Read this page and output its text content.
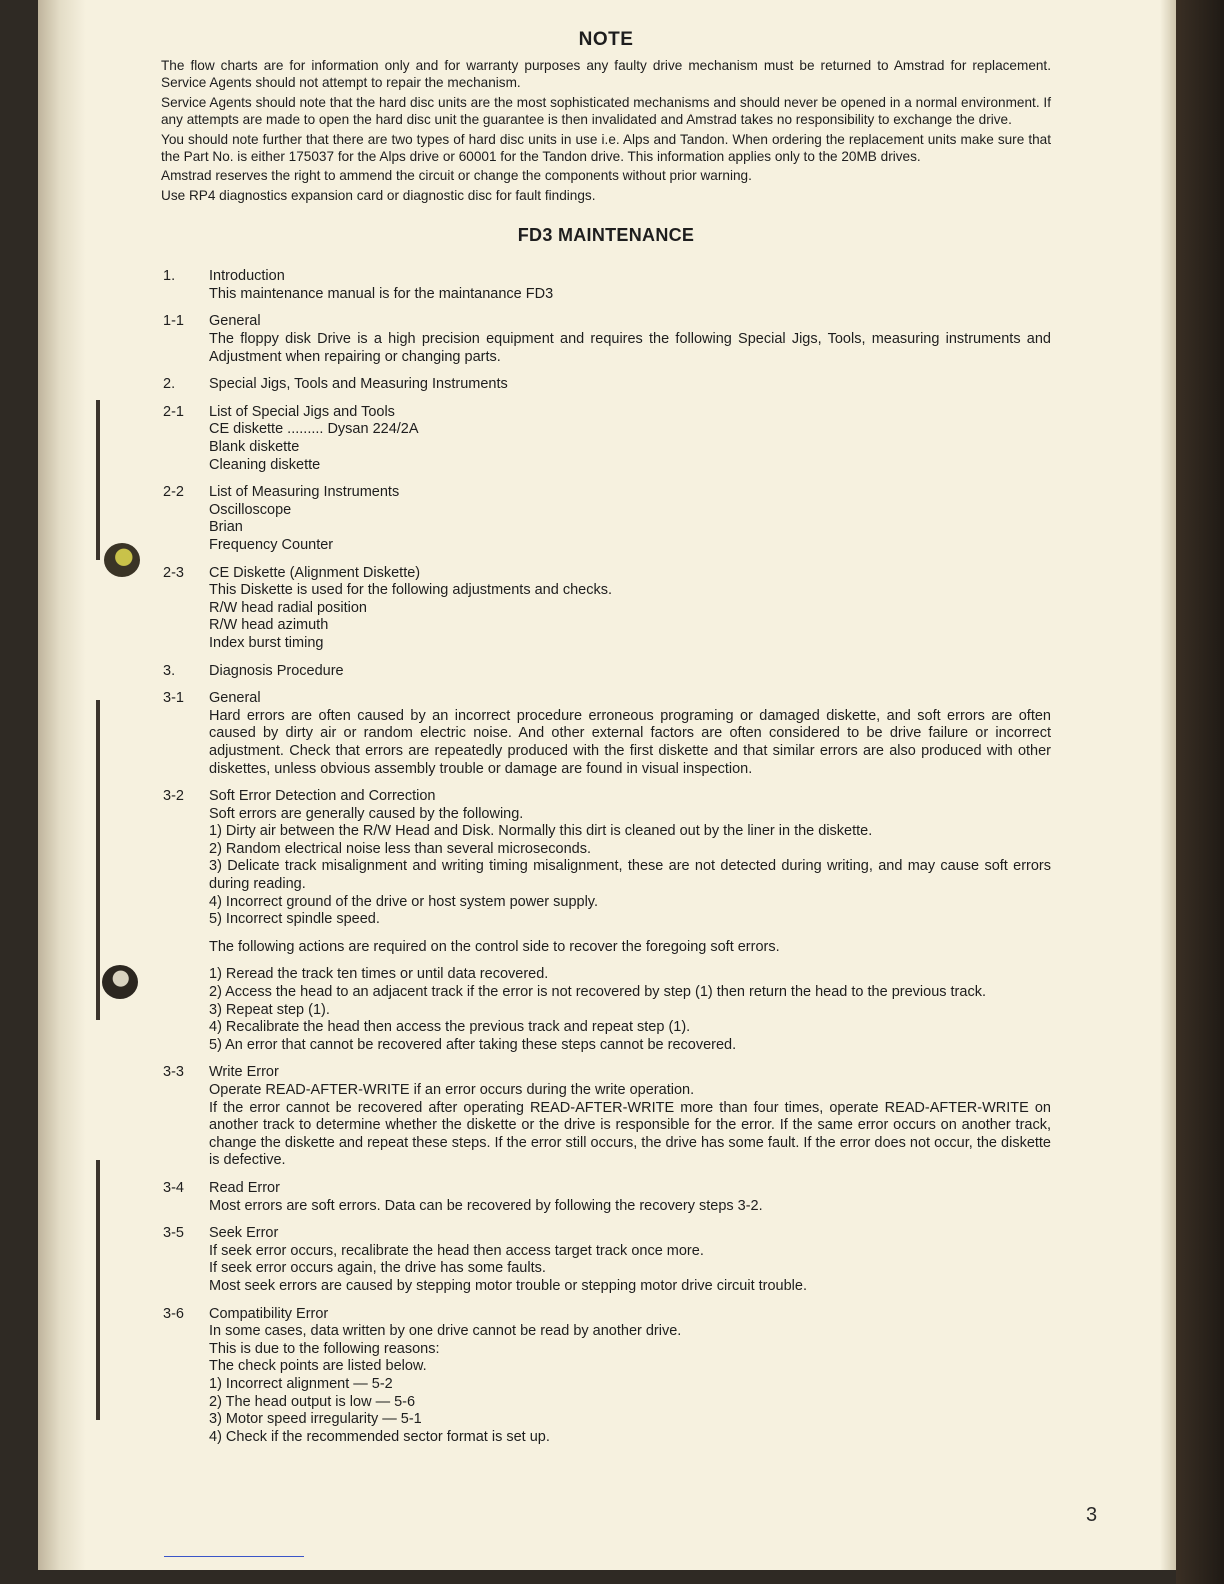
NOTE

The flow charts are for information only and for warranty purposes any faulty drive mechanism must be returned to Amstrad for replacement. Service Agents should not attempt to repair the mechanism.

Service Agents should note that the hard disc units are the most sophisticated mechanisms and should never be opened in a normal environment. If any attempts are made to open the hard disc unit the guarantee is then invalidated and Amstrad takes no responsibility to exchange the drive.

You should note further that there are two types of hard disc units in use i.e. Alps and Tandon. When ordering the replacement units make sure that the Part No. is either 175037 for the Alps drive or 60001 for the Tandon drive. This information applies only to the 20MB drives.

Amstrad reserves the right to ammend the circuit or change the components without prior warning.

Use RP4 diagnostics expansion card or diagnostic disc for fault findings.

FD3 MAINTENANCE
1.	Introduction

This maintenance manual is for the maintanance FD3

1-1	General

The floppy disk Drive is a high precision equipment and requires the following Special Jigs, Tools, measuring instruments and Adjustment when repairing or changing parts.

2.	Special Jigs, Tools and Measuring Instruments

2-1	List of Special Jigs and Tools

CE diskette ......... Dysan 224/2A

Blank diskette

Cleaning diskette

2-2	List of Measuring Instruments

Oscilloscope

Brian

Frequency Counter

2-3	CE Diskette (Alignment Diskette)

This Diskette is used for the following adjustments and checks.

R/W head radial position

R/W head azimuth

Index burst timing

3.	Diagnosis Procedure

3-1	General

Hard errors are often caused by an incorrect procedure erroneous programing or damaged diskette, and soft errors are often caused by dirty air or random electric noise. And other external factors are often considered to be drive failure or incorrect adjustment. Check that errors are repeatedly produced with the first diskette and that similar errors are also produced with other diskettes, unless obvious assembly trouble or damage are found in visual inspection.

3-2	Soft Error Detection and Correction

Soft errors are generally caused by the following.

1) Dirty air between the R/W Head and Disk. Normally this dirt is cleaned out by the liner in the diskette.

2) Random electrical noise less than several microseconds.

3) Delicate track misalignment and writing timing misalignment, these are not detected during writing, and may cause soft errors during reading.

4) Incorrect ground of the drive or host system power supply.

5) Incorrect spindle speed.

The following actions are required on the control side to recover the foregoing soft errors.

1) Reread the track ten times or until data recovered.

2) Access the head to an adjacent track if the error is not recovered by step (1) then return the head to the previous track.

3) Repeat step (1).

4) Recalibrate the head then access the previous track and repeat step (1).

5) An error that cannot be recovered after taking these steps cannot be recovered.

3-3	Write Error

Operate READ-AFTER-WRITE if an error occurs during the write operation.

If the error cannot be recovered after operating READ-AFTER-WRITE more than four times, operate READ-AFTER-WRITE on another track to determine whether the diskette or the drive is responsible for the error. If the same error occurs on another track, change the diskette and repeat these steps. If the error still occurs, the drive has some fault. If the error does not occur, the diskette is defective.

3-4	Read Error

Most errors are soft errors. Data can be recovered by following the recovery steps 3-2.

3-5	Seek Error

If seek error occurs, recalibrate the head then access target track once more.

If seek error occurs again, the drive has some faults.

Most seek errors are caused by stepping motor trouble or stepping motor drive circuit trouble.

3-6	Compatibility Error

In some cases, data written by one drive cannot be read by another drive.

This is due to the following reasons:

The check points are listed below.

1) Incorrect alignment — 5-2

2) The head output is low — 5-6

3) Motor speed irregularity — 5-1

4) Check if the recommended sector format is set up.

3
